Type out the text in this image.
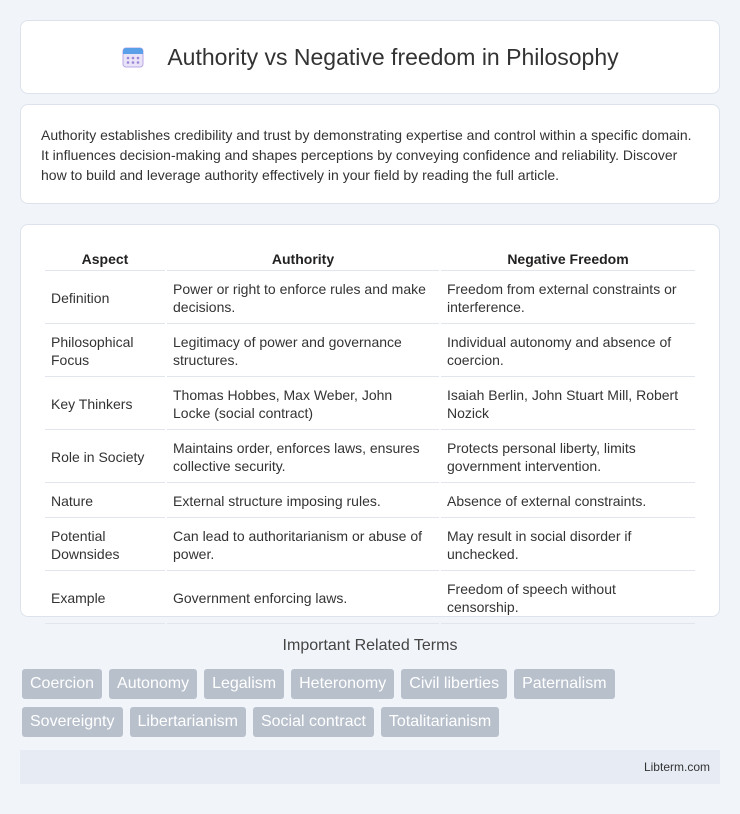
Authority vs Negative freedom in Philosophy

Authority establishes credibility and trust by demonstrating expertise and control within a specific domain. It influences decision-making and shapes perceptions by conveying confidence and reliability. Discover how to build and leverage authority effectively in your field by reading the full article.

Aspect	Authority	Negative Freedom
Definition	Power or right to enforce rules and make decisions.	Freedom from external constraints or interference.
Philosophical Focus	Legitimacy of power and governance structures.	Individual autonomy and absence of coercion.
Key Thinkers	Thomas Hobbes, Max Weber, John Locke (social contract)	Isaiah Berlin, John Stuart Mill, Robert Nozick
Role in Society	Maintains order, enforces laws, ensures collective security.	Protects personal liberty, limits government intervention.
Nature	External structure imposing rules.	Absence of external constraints.
Potential Downsides	Can lead to authoritarianism or abuse of power.	May result in social disorder if unchecked.
Example	Government enforcing laws.	Freedom of speech without censorship.
Important Related Terms
Coercion	Autonomy	Legalism	Heteronomy	Civil liberties	Paternalism
Sovereignty	Libertarianism	Social contract	Totalitarianism
Libterm.com
